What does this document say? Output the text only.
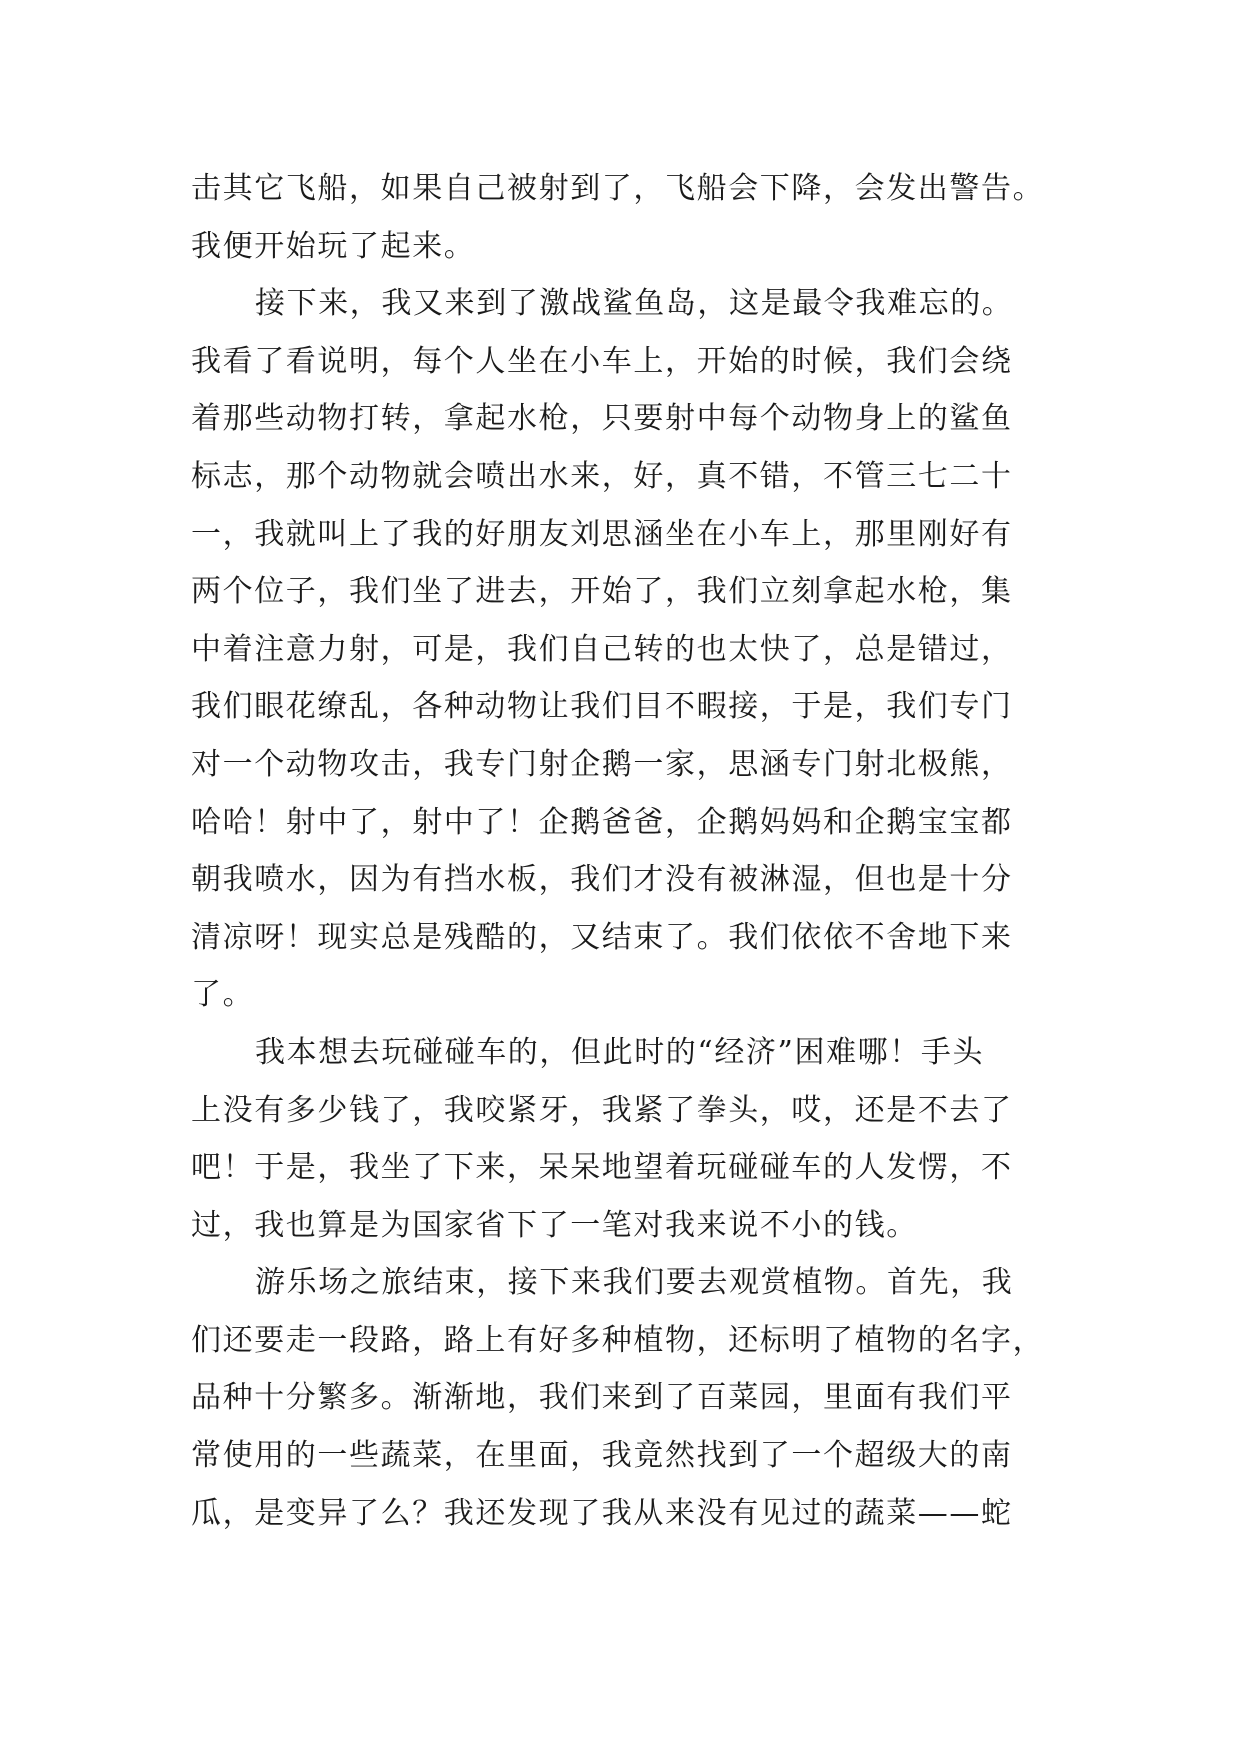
击其它飞船，如果自己被射到了，飞船会下降，会发出警告。
我便开始玩了起来。
接下来，我又来到了激战鲨鱼岛，这是最令我难忘的。
我看了看说明，每个人坐在小车上，开始的时候，我们会绕
着那些动物打转，拿起水枪，只要射中每个动物身上的鲨鱼
标志，那个动物就会喷出水来，好，真不错，不管三七二十
一，我就叫上了我的好朋友刘思涵坐在小车上，那里刚好有
两个位子，我们坐了进去，开始了，我们立刻拿起水枪，集
中着注意力射，可是，我们自己转的也太快了，总是错过，
我们眼花缭乱，各种动物让我们目不暇接，于是，我们专门
对一个动物攻击，我专门射企鹅一家，思涵专门射北极熊，
哈哈！射中了，射中了！企鹅爸爸，企鹅妈妈和企鹅宝宝都
朝我喷水，因为有挡水板，我们才没有被淋湿，但也是十分
清凉呀！现实总是残酷的，又结束了。我们依依不舍地下来
了。
我本想去玩碰碰车的，但此时的“经济”困难哪！手头
上没有多少钱了，我咬紧牙，我紧了拳头，哎，还是不去了
吧！于是，我坐了下来，呆呆地望着玩碰碰车的人发愣，不
过，我也算是为国家省下了一笔对我来说不小的钱。
游乐场之旅结束，接下来我们要去观赏植物。首先，我
们还要走一段路，路上有好多种植物，还标明了植物的名字，
品种十分繁多。渐渐地，我们来到了百菜园，里面有我们平
常使用的一些蔬菜，在里面，我竟然找到了一个超级大的南
瓜，是变异了么？我还发现了我从来没有见过的蔬菜——蛇
